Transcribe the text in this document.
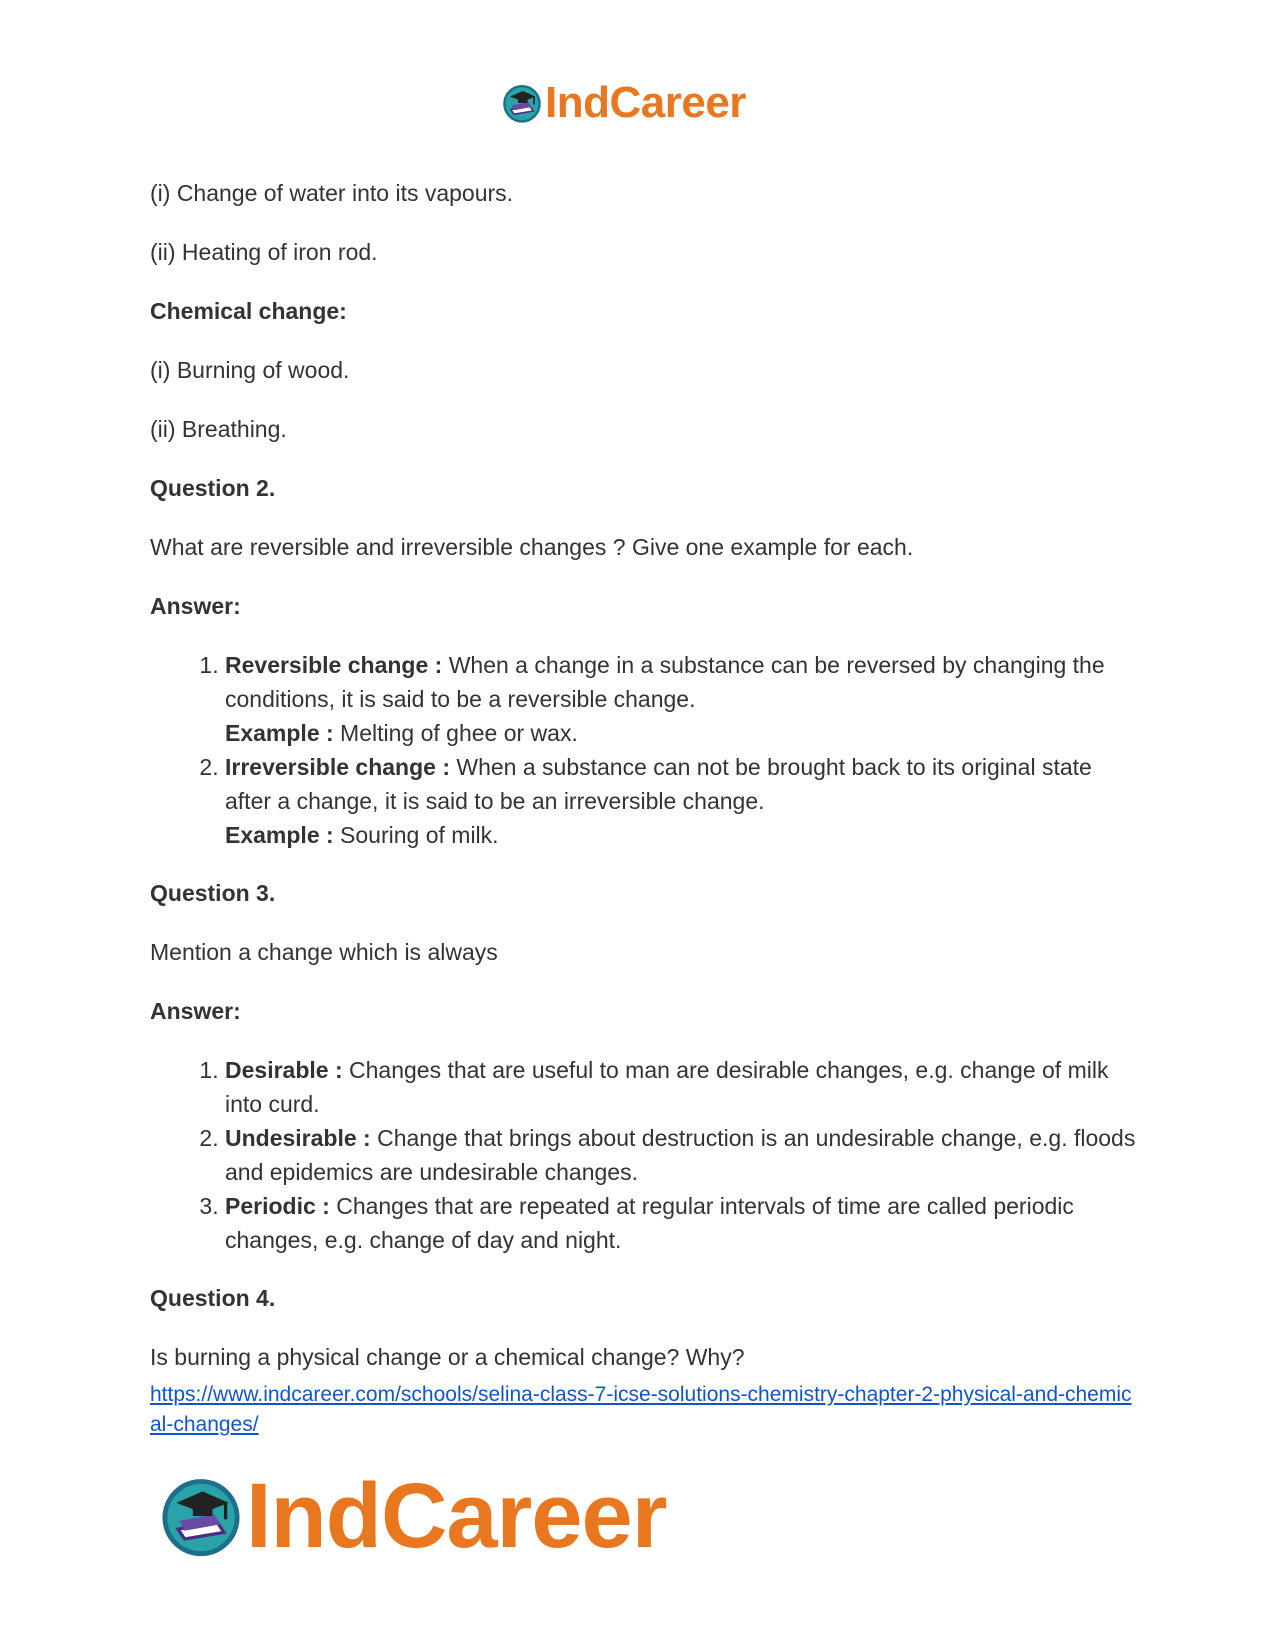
IndCareer

(i) Change of water into its vapours.

(ii) Heating of iron rod.

Chemical change:

(i) Burning of wood.

(ii) Breathing.

Question 2.

What are reversible and irreversible changes ? Give one example for each.

Answer:

1. Reversible change : When a change in a substance can be reversed by changing the conditions, it is said to be a reversible change.
Example : Melting of ghee or wax.
2. Irreversible change : When a substance can not be brought back to its original state after a change, it is said to be an irreversible change.
Example : Souring of milk.

Question 3.

Mention a change which is always

Answer:

1. Desirable : Changes that are useful to man are desirable changes, e.g. change of milk into curd.
2. Undesirable : Change that brings about destruction is an undesirable change, e.g. floods and epidemics are undesirable changes.
3. Periodic : Changes that are repeated at regular intervals of time are called periodic changes, e.g. change of day and night.

Question 4.

Is burning a physical change or a chemical change? Why?

https://www.indcareer.com/schools/selina-class-7-icse-solutions-chemistry-chapter-2-physical-and-chemical-changes/
IndCareer
